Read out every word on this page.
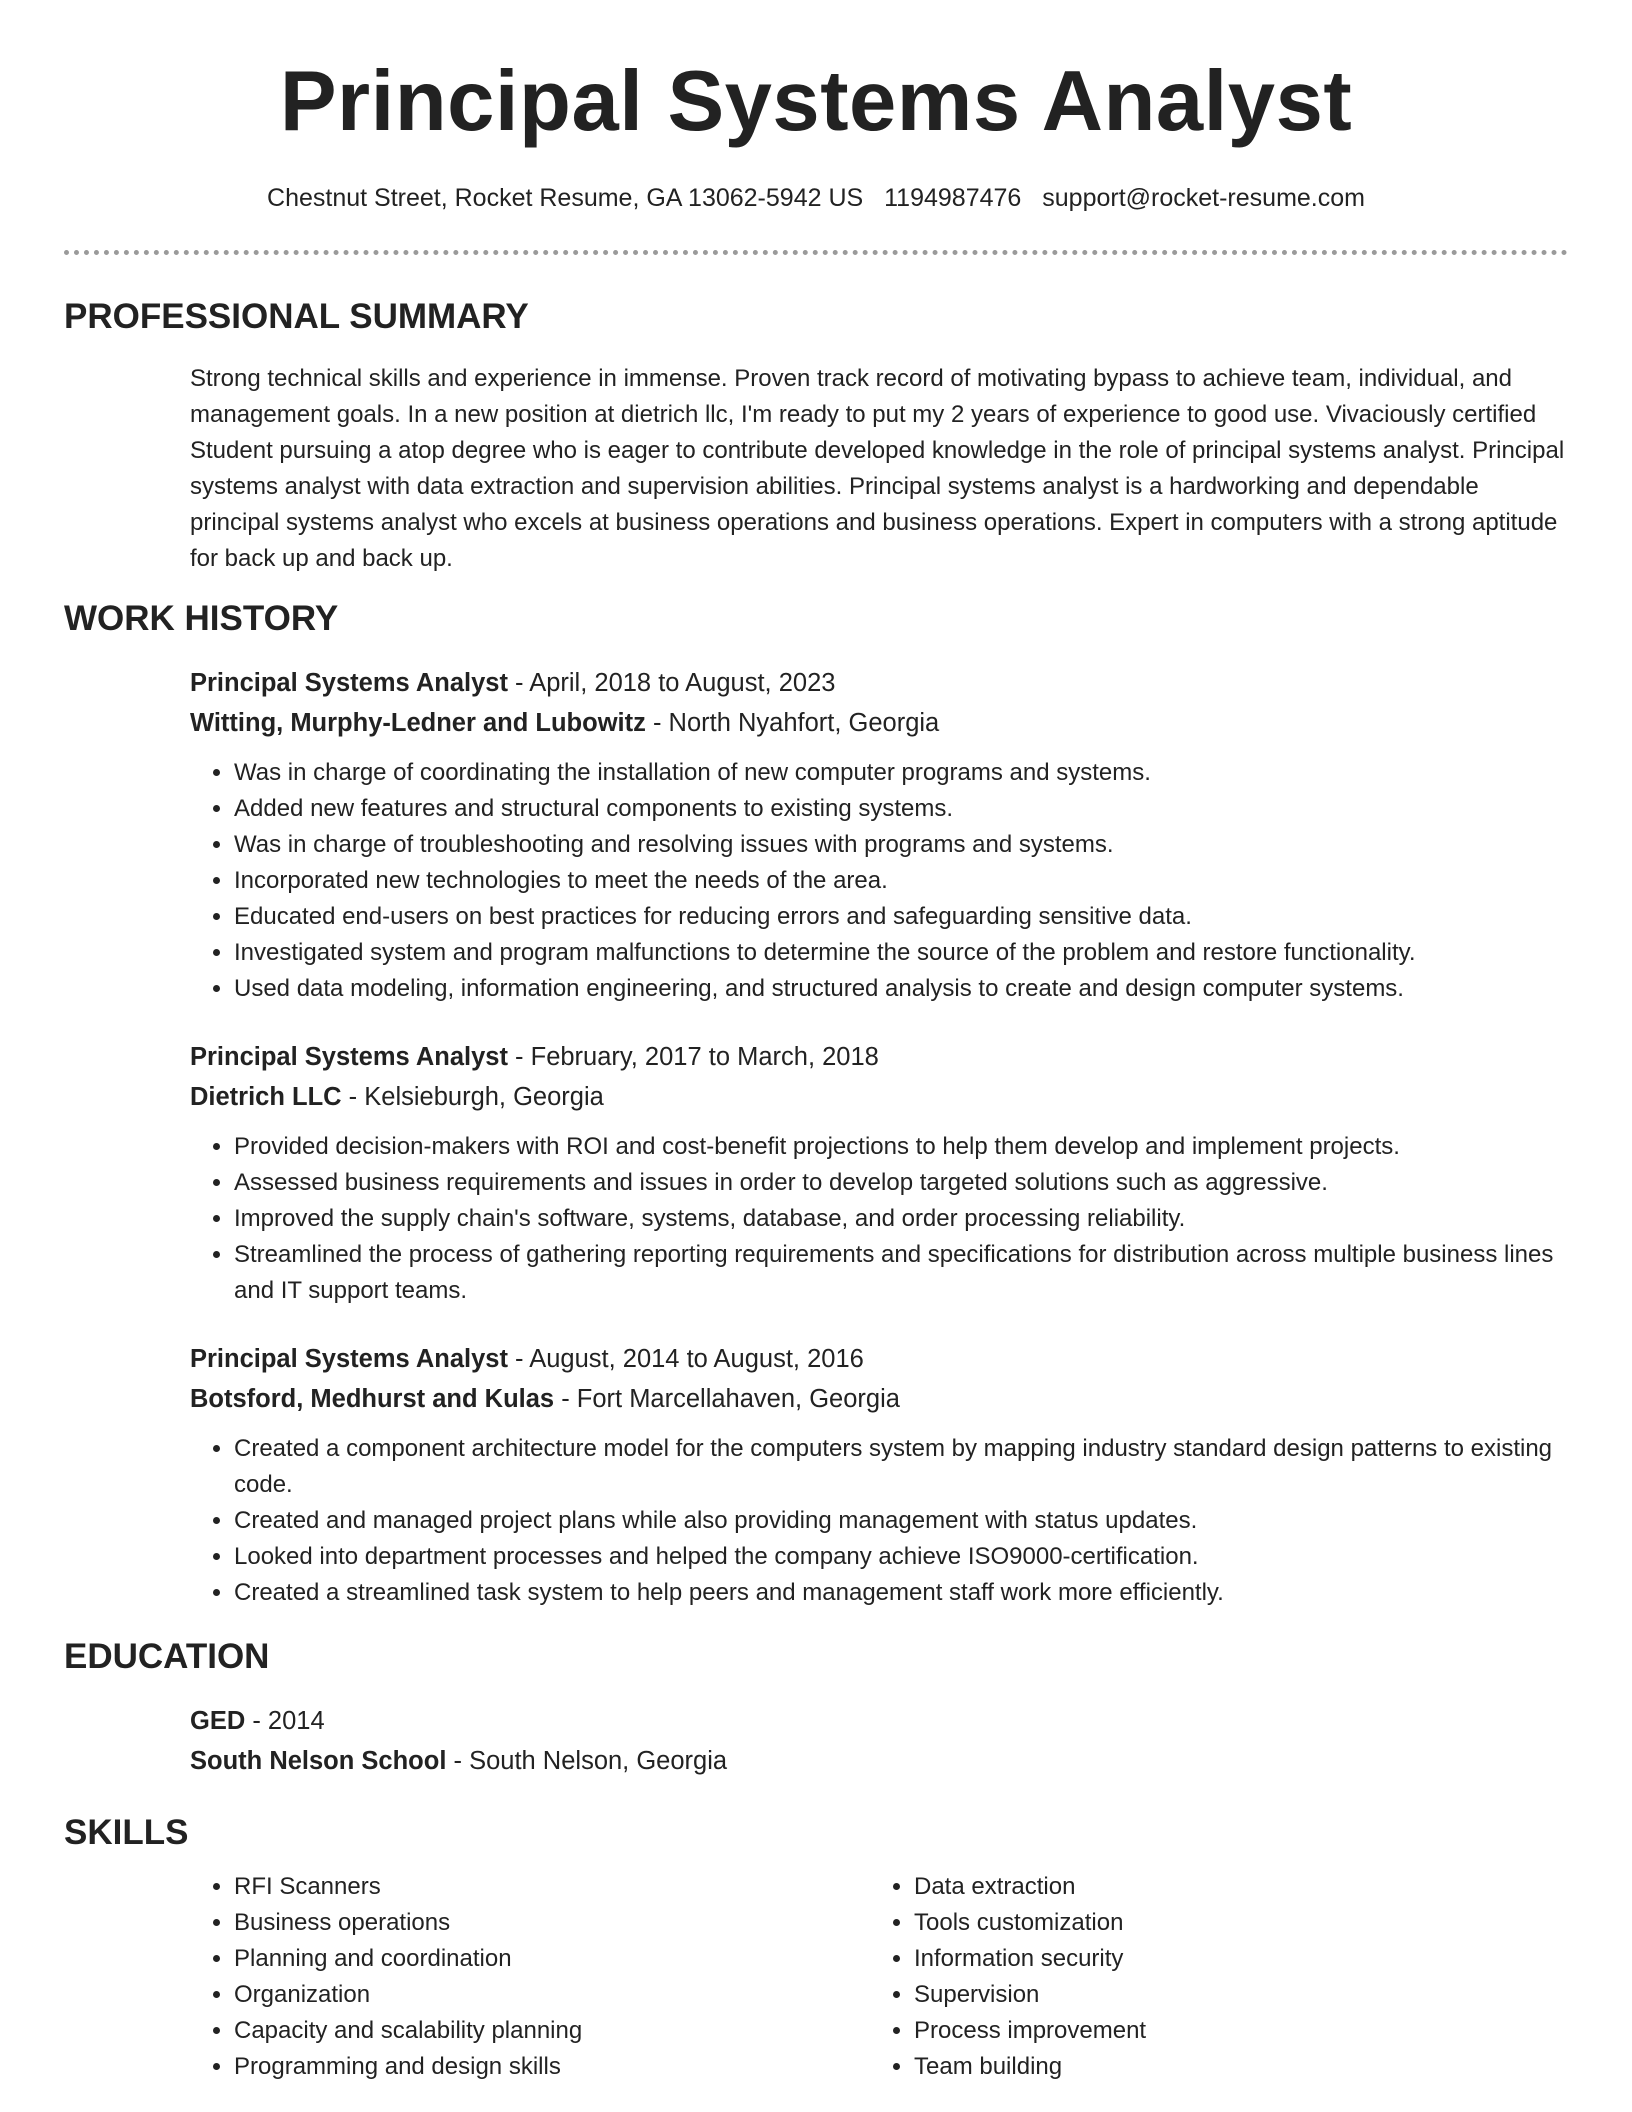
Principal Systems Analyst
Chestnut Street, Rocket Resume, GA 13062-5942 US 1194987476 support@rocket-resume.com
PROFESSIONAL SUMMARY

Strong technical skills and experience in immense. Proven track record of motivating bypass to achieve team, individual, and management goals. In a new position at dietrich llc, I'm ready to put my 2 years of experience to good use. Vivaciously certified Student pursuing a atop degree who is eager to contribute developed knowledge in the role of principal systems analyst. Principal systems analyst with data extraction and supervision abilities. Principal systems analyst is a hardworking and dependable principal systems analyst who excels at business operations and business operations. Expert in computers with a strong aptitude for back up and back up.

WORK HISTORY
Principal Systems Analyst - April, 2018 to August, 2023
Witting, Murphy-Ledner and Lubowitz - North Nyahfort, Georgia
• Was in charge of coordinating the installation of new computer programs and systems.
• Added new features and structural components to existing systems.
• Was in charge of troubleshooting and resolving issues with programs and systems.
• Incorporated new technologies to meet the needs of the area.
• Educated end-users on best practices for reducing errors and safeguarding sensitive data.
• Investigated system and program malfunctions to determine the source of the problem and restore functionality.
• Used data modeling, information engineering, and structured analysis to create and design computer systems.
Principal Systems Analyst - February, 2017 to March, 2018
Dietrich LLC - Kelsieburgh, Georgia
• Provided decision-makers with ROI and cost-benefit projections to help them develop and implement projects.
• Assessed business requirements and issues in order to develop targeted solutions such as aggressive.
• Improved the supply chain's software, systems, database, and order processing reliability.
• Streamlined the process of gathering reporting requirements and specifications for distribution across multiple business lines and IT support teams.
Principal Systems Analyst - August, 2014 to August, 2016
Botsford, Medhurst and Kulas - Fort Marcellahaven, Georgia
• Created a component architecture model for the computers system by mapping industry standard design patterns to existing code.
• Created and managed project plans while also providing management with status updates.
• Looked into department processes and helped the company achieve ISO9000-certification.
• Created a streamlined task system to help peers and management staff work more efficiently.
EDUCATION
GED - 2014
South Nelson School - South Nelson, Georgia
SKILLS
• RFI Scanners
• Business operations
• Planning and coordination
• Organization
• Capacity and scalability planning
• Programming and design skills
• Data extraction
• Tools customization
• Information security
• Supervision
• Process improvement
• Team building
